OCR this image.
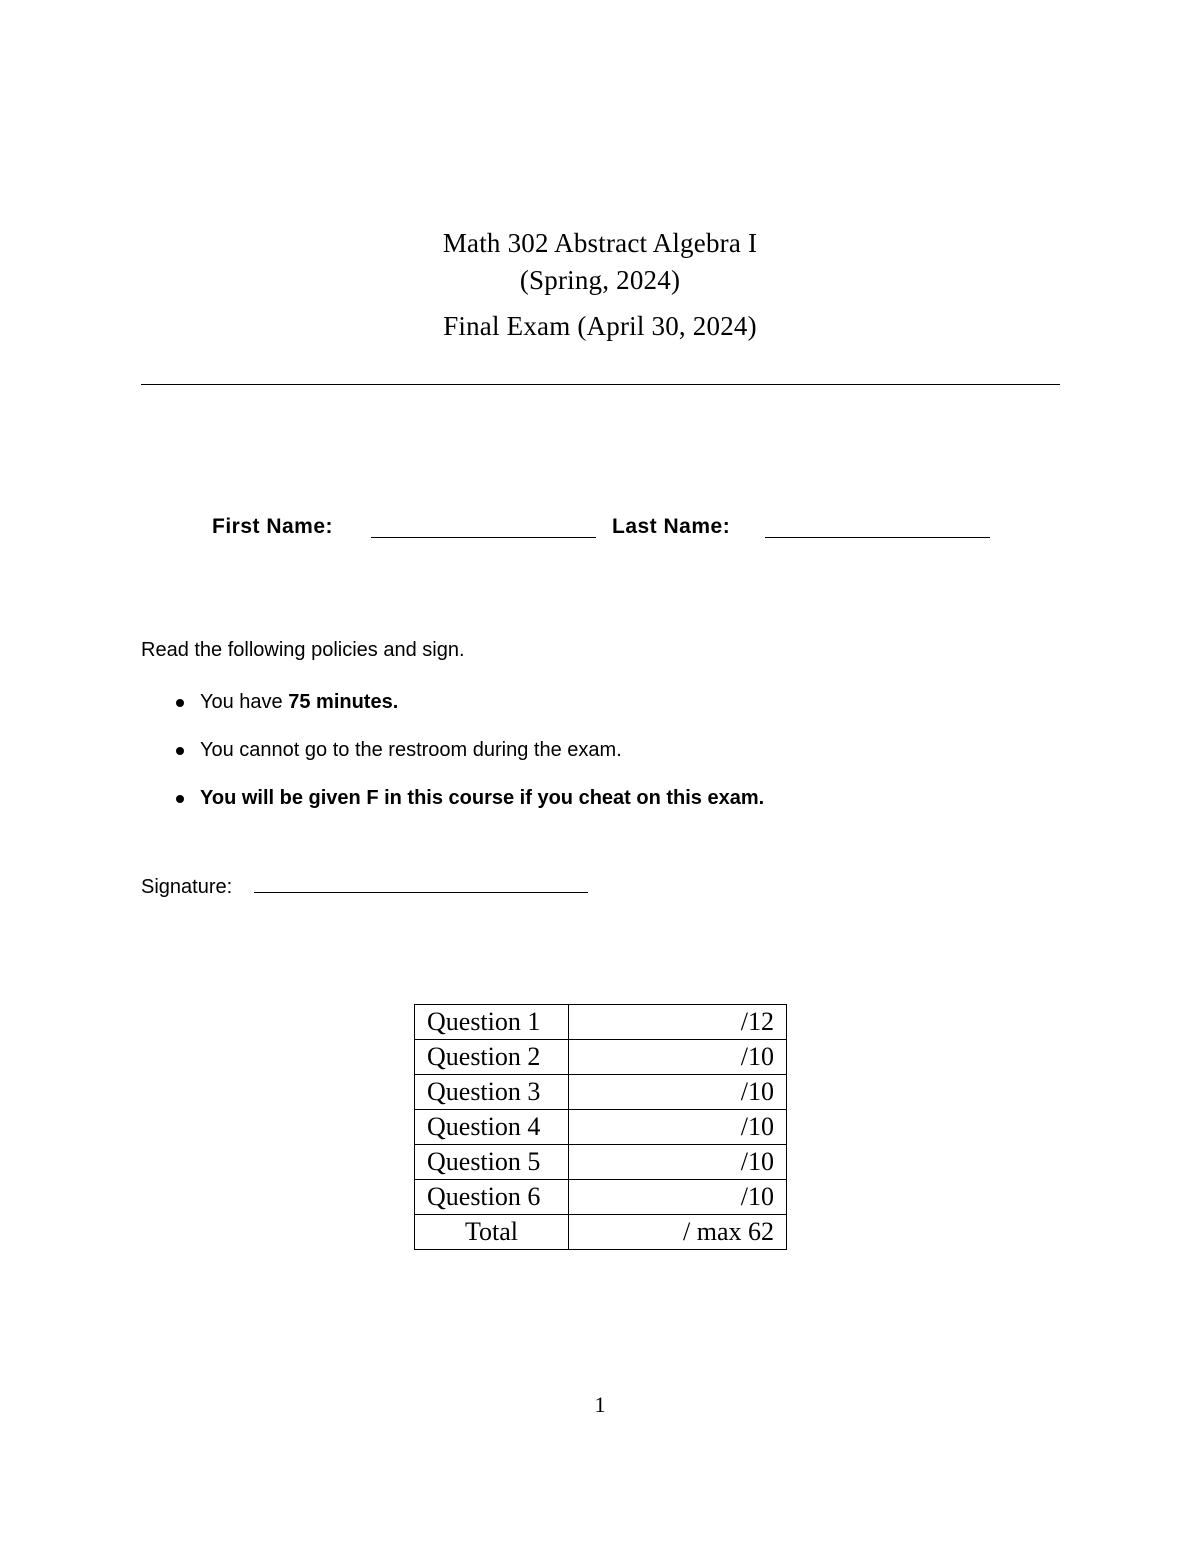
Math 302 Abstract Algebra I
(Spring, 2024)
Final Exam (April 30, 2024)
First Name:	Last Name:
Read the following policies and sign.
You have 75 minutes.
You cannot go to the restroom during the exam.
You will be given F in this course if you cheat on this exam.
Signature:
Question 1	/12
Question 2	/10
Question 3	/10
Question 4	/10
Question 5	/10
Question 6	/10
Total	/ max 62
1
